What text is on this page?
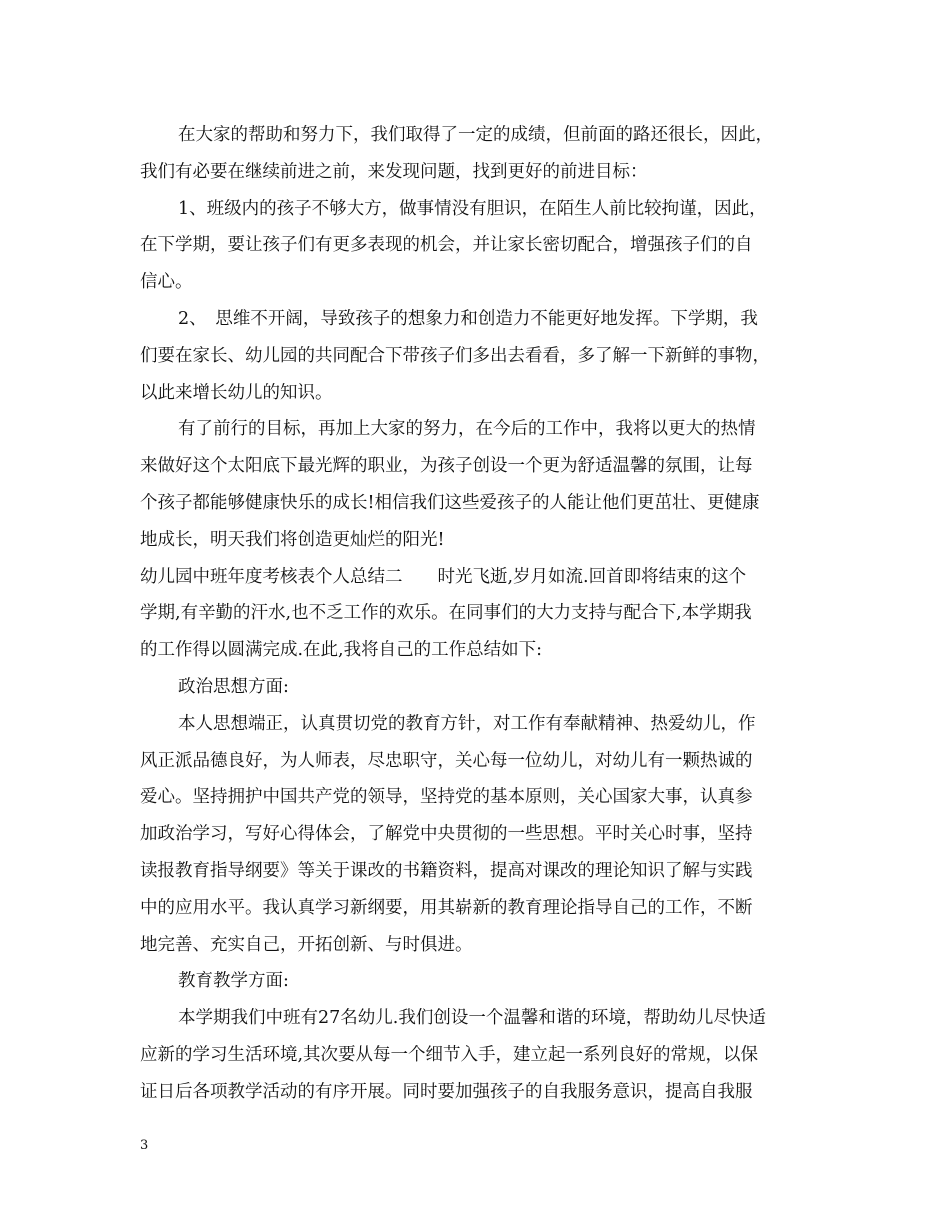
在大家的帮助和努力下，我们取得了一定的成绩，但前面的路还很长，因此，
我们有必要在继续前进之前，来发现问题，找到更好的前进目标：
1、班级内的孩子不够大方，做事情没有胆识，在陌生人前比较拘谨，因此，
在下学期，要让孩子们有更多表现的机会，并让家长密切配合，增强孩子们的自
信心。
2、　思维不开阔，导致孩子的想象力和创造力不能更好地发挥。下学期，我
们要在家长、幼儿园的共同配合下带孩子们多出去看看，多了解一下新鲜的事物，
以此来增长幼儿的知识。
有了前行的目标，再加上大家的努力，在今后的工作中，我将以更大的热情
来做好这个太阳底下最光辉的职业，为孩子创设一个更为舒适温馨的氛围，让每
个孩子都能够健康快乐的成长!相信我们这些爱孩子的人能让他们更茁壮、更健康
地成长，明天我们将创造更灿烂的阳光!
幼儿园中班年度考核表个人总结二　　时光飞逝,岁月如流.回首即将结束的这个
学期,有辛勤的汗水,也不乏工作的欢乐。在同事们的大力支持与配合下,本学期我
的工作得以圆满完成.在此,我将自己的工作总结如下:
政治思想方面:
本人思想端正，认真贯切党的教育方针，对工作有奉献精神、热爱幼儿，作
风正派品德良好，为人师表，尽忠职守，关心每一位幼儿，对幼儿有一颗热诚的
爱心。坚持拥护中国共产党的领导，坚持党的基本原则，关心国家大事，认真参
加政治学习，写好心得体会，了解党中央贯彻的一些思想。平时关心时事，坚持
读报教育指导纲要》等关于课改的书籍资料，提高对课改的理论知识了解与实践
中的应用水平。我认真学习新纲要，用其崭新的教育理论指导自己的工作，不断
地完善、充实自己，开拓创新、与时俱进。
教育教学方面:
本学期我们中班有27名幼儿.我们创设一个温馨和谐的环境，帮助幼儿尽快适
应新的学习生活环境,其次要从每一个细节入手，建立起一系列良好的常规，以保
证日后各项教学活动的有序开展。同时要加强孩子的自我服务意识，提高自我服
3
